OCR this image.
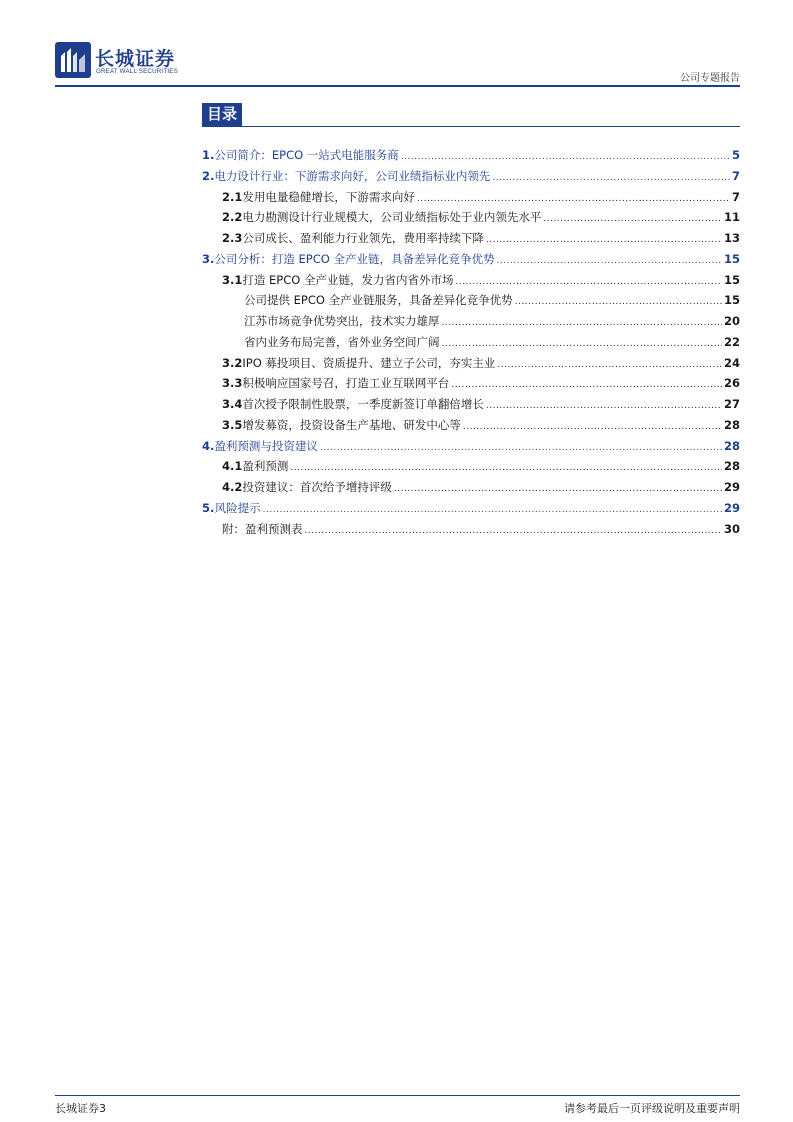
长城证券
GREAT WALL SECURITIES
公司专题报告
目录
1. 公司简介：EPCO 一站式电能服务商 .....	5
2. 电力设计行业：下游需求向好，公司业绩指标业内领先 .....	7
2.1 发用电量稳健增长，下游需求向好 .....	7
2.2 电力勘测设计行业规模大，公司业绩指标处于业内领先水平 .....	11
2.3 公司成长、盈利能力行业领先，费用率持续下降 .....	13
3. 公司分析：打造 EPCO 全产业链，具备差异化竞争优势 .....	15
3.1 打造 EPCO 全产业链，发力省内省外市场 .....	15
公司提供 EPCO 全产业链服务，具备差异化竞争优势 .....	15
江苏市场竞争优势突出，技术实力雄厚 .....	20
省内业务布局完善，省外业务空间广阔 .....	22
3.2 IPO 募投项目、资质提升、建立子公司，夯实主业 .....	24
3.3 积极响应国家号召，打造工业互联网平台 .....	26
3.4 首次授予限制性股票，一季度新签订单翻倍增长 .....	27
3.5 增发募资，投资设备生产基地、研发中心等 .....	28
4. 盈利预测与投资建议 .....	28
4.1 盈利预测 .....	28
4.2 投资建议：首次给予增持评级 .....	29
5. 风险提示 .....	29
附： 盈利预测表 .....	30
长城证券3	请参考最后一页评级说明及重要声明
